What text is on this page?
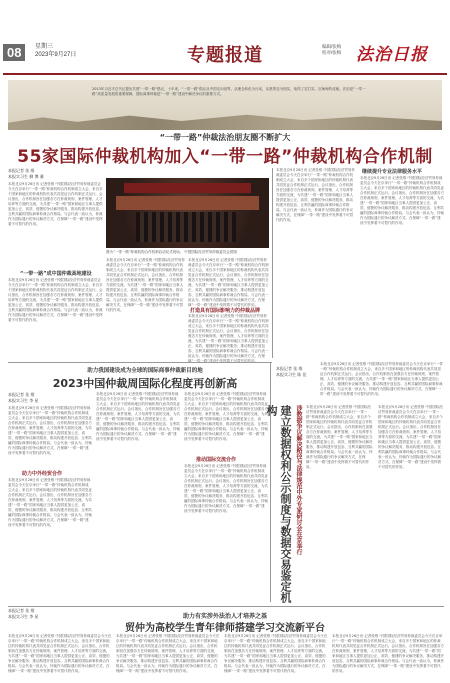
08	星期三
2023年9月27日	专题报道	编辑/张梅
校对/张梅 法治日报
2013年习近平总书记提出共建“一带一路”倡议，十年来，“一带一路”倡议从中国走向世界，从理念转化为行动，从愿景变为现实，取得了实打实、沉甸甸的成就。法治是“一带一路”高质量发展的重要保障，国际商事仲裁是“一带一路”建设中解决争议的重要方式。
“一带一路”仲裁法治朋友圈不断扩大
55家国际仲裁机构加入“一带一路”仲裁机构合作机制
本报记者 张 维
本报实习生 柳 博 雅
本报北京9月26日讯 记者张维 中国国际经济贸易仲裁委员会今天在京举行“一带一路”仲裁机构合作机制成立大会，来自多个国家和地区的仲裁机构代表共同见证合作机制正式运行。会议指出，合作机制旨在加强各方在仲裁规则、案件管理、人才培养等方面的交流，为共建“一带一路”国家和地区当事人提供更加公正、高效、便捷的争议解决服务，推动构建开放包容、互利共赢的国际商事仲裁合作格局。与会代表一致认为，仲裁作为国际通行的争议解决方式，在保障“一带一路”建设中发挥着不可替代的作用。
“一带一路”成中国仲裁高地建设
本报北京9月26日讯 记者张维 中国国际经济贸易仲裁委员会今天在京举行“一带一路”仲裁机构合作机制成立大会，来自多个国家和地区的仲裁机构代表共同见证合作机制正式运行。会议指出，合作机制旨在加强各方在仲裁规则、案件管理、人才培养等方面的交流，为共建“一带一路”国家和地区当事人提供更加公正、高效、便捷的争议解决服务，推动构建开放包容、互利共赢的国际商事仲裁合作格局。与会代表一致认为，仲裁作为国际通行的争议解决方式，在保障“一带一路”建设中发挥着不可替代的作用。
图为“一带一路”仲裁机构合作机制启动仪式现场。 中国国际经济贸易仲裁委员会供图
本报北京9月26日讯 记者张维 中国国际经济贸易仲裁委员会今天在京举行“一带一路”仲裁机构合作机制成立大会，来自多个国家和地区的仲裁机构代表共同见证合作机制正式运行。会议指出，合作机制旨在加强各方在仲裁规则、案件管理、人才培养等方面的交流，为共建“一带一路”国家和地区当事人提供更加公正、高效、便捷的争议解决服务，推动构建开放包容、互利共赢的国际商事仲裁合作格局。与会代表一致认为，仲裁作为国际通行的争议解决方式，在保障“一带一路”建设中发挥着不可替代的作用。	打造具有国际影响力的仲裁品牌
本报北京9月26日讯 记者张维 中国国际经济贸易仲裁委员会今天在京举行“一带一路”仲裁机构合作机制成立大会，来自多个国家和地区的仲裁机构代表共同见证合作机制正式运行。会议指出，合作机制旨在加强各方在仲裁规则、案件管理、人才培养等方面的交流，为共建“一带一路”国家和地区当事人提供更加公正、高效、便捷的争议解决服务，推动构建开放包容、互利共赢的国际商事仲裁合作格局。与会代表一致认为，仲裁作为国际通行的争议解决方式，在保障“一带一路”建设中发挥着不可替代的作用。
本报北京9月26日讯 记者张维 中国国际经济贸易仲裁委员会今天在京举行“一带一路”仲裁机构合作机制成立大会，来自多个国家和地区的仲裁机构代表共同见证合作机制正式运行。会议指出，合作机制旨在加强各方在仲裁规则、案件管理、人才培养等方面的交流，为共建“一带一路”国家和地区当事人提供更加公正、高效、便捷的争议解决服务，推动构建开放包容、互利共赢的国际商事仲裁合作格局。与会代表一致认为，仲裁作为国际通行的争议解决方式，在保障“一带一路”建设中发挥着不可替代的作用。
本报北京9月26日讯 记者张维 中国国际经济贸易仲裁委员会今天在京举行“一带一路”仲裁机构合作机制成立大会，来自多个国家和地区的仲裁机构代表共同见证合作机制正式运行。会议指出，合作机制旨在加强各方在仲裁规则、案件管理、人才培养等方面的交流，为共建“一带一路”国家和地区当事人提供更加公正、高效、便捷的争议解决服务，推动构建开放包容、互利共赢的国际商事仲裁合作格局。与会代表一致认为，仲裁作为国际通行的争议解决方式，在保障“一带一路”建设中发挥着不可替代的作用。
继续提升专业法律服务水平
本报北京9月26日讯 记者张维 中国国际经济贸易仲裁委员会今天在京举行“一带一路”仲裁机构合作机制成立大会，来自多个国家和地区的仲裁机构代表共同见证合作机制正式运行。会议指出，合作机制旨在加强各方在仲裁规则、案件管理、人才培养等方面的交流，为共建“一带一路”国家和地区当事人提供更加公正、高效、便捷的争议解决服务，推动构建开放包容、互利共赢的国际商事仲裁合作格局。与会代表一致认为，仲裁作为国际通行的争议解决方式，在保障“一带一路”建设中发挥着不可替代的作用。
助力我国建设成为全球的国际商事仲裁新目的地
2023中国仲裁周国际化程度再创新高
本报记者 张 维
本报实习生 李 星
本报北京9月26日讯 记者张维 中国国际经济贸易仲裁委员会今天在京举行“一带一路”仲裁机构合作机制成立大会，来自多个国家和地区的仲裁机构代表共同见证合作机制正式运行。会议指出，合作机制旨在加强各方在仲裁规则、案件管理、人才培养等方面的交流，为共建“一带一路”国家和地区当事人提供更加公正、高效、便捷的争议解决服务，推动构建开放包容、互利共赢的国际商事仲裁合作格局。与会代表一致认为，仲裁作为国际通行的争议解决方式，在保障“一带一路”建设中发挥着不可替代的作用。
助力中外经贸合作
本报北京9月26日讯 记者张维 中国国际经济贸易仲裁委员会今天在京举行“一带一路”仲裁机构合作机制成立大会，来自多个国家和地区的仲裁机构代表共同见证合作机制正式运行。会议指出，合作机制旨在加强各方在仲裁规则、案件管理、人才培养等方面的交流，为共建“一带一路”国家和地区当事人提供更加公正、高效、便捷的争议解决服务，推动构建开放包容、互利共赢的国际商事仲裁合作格局。与会代表一致认为，仲裁作为国际通行的争议解决方式，在保障“一带一路”建设中发挥着不可替代的作用。
本报北京9月26日讯 记者张维 中国国际经济贸易仲裁委员会今天在京举行“一带一路”仲裁机构合作机制成立大会，来自多个国家和地区的仲裁机构代表共同见证合作机制正式运行。会议指出，合作机制旨在加强各方在仲裁规则、案件管理、人才培养等方面的交流，为共建“一带一路”国家和地区当事人提供更加公正、高效、便捷的争议解决服务，推动构建开放包容、互利共赢的国际商事仲裁合作格局。与会代表一致认为，仲裁作为国际通行的争议解决方式，在保障“一带一路”建设中发挥着不可替代的作用。
本报北京9月26日讯 记者张维 中国国际经济贸易仲裁委员会今天在京举行“一带一路”仲裁机构合作机制成立大会，来自多个国家和地区的仲裁机构代表共同见证合作机制正式运行。会议指出，合作机制旨在加强各方在仲裁规则、案件管理、人才培养等方面的交流，为共建“一带一路”国家和地区当事人提供更加公正、高效、便捷的争议解决服务，推动构建开放包容、互利共赢的国际商事仲裁合作格局。与会代表一致认为，仲裁作为国际通行的争议解决方式，在保障“一带一路”建设中发挥着不可替代的作用。
推动国际交流合作
本报北京9月26日讯 记者张维 中国国际经济贸易仲裁委员会今天在京举行“一带一路”仲裁机构合作机制成立大会，来自多个国家和地区的仲裁机构代表共同见证合作机制正式运行。会议指出，合作机制旨在加强各方在仲裁规则、案件管理、人才培养等方面的交流，为共建“一带一路”国家和地区当事人提供更加公正、高效、便捷的争议解决服务，推动构建开放包容、互利共赢的国际商事仲裁合作格局。与会代表一致认为，仲裁作为国际通行的争议解决方式，在保障“一带一路”建设中发挥着不可替代的作用。
本报记者 张 维
本报实习生 陈 佳
本报北京9月26日讯 记者张维 中国国际经济贸易仲裁委员会今天在京举行“一带一路”仲裁机构合作机制成立大会，来自多个国家和地区的仲裁机构代表共同见证合作机制正式运行。会议指出，合作机制旨在加强各方在仲裁规则、案件管理、人才培养等方面的交流，为共建“一带一路”国家和地区当事人提供更加公正、高效、便捷的争议解决服务，推动构建开放包容、互利共赢的国际商事仲裁合作格局。与会代表一致认为，仲裁作为国际通行的争议解决方式，在保障“一带一路”建设中发挥着不可替代的作用。
建立数据权利公示制度与数据交易鉴定机构	涉数据争议解决路径与法律规范中外专家研讨会在京举行 本报北京9月26日讯 记者张维 中国国际经济贸易仲裁委员会今天在京举行“一带一路”仲裁机构合作机制成立大会，来自多个国家和地区的仲裁机构代表共同见证合作机制正式运行。会议指出，合作机制旨在加强各方在仲裁规则、案件管理、人才培养等方面的交流，为共建“一带一路”国家和地区当事人提供更加公正、高效、便捷的争议解决服务，推动构建开放包容、互利共赢的国际商事仲裁合作格局。与会代表一致认为，仲裁作为国际通行的争议解决方式，在保障“一带一路”建设中发挥着不可替代的作用。
本报北京9月26日讯 记者张维 中国国际经济贸易仲裁委员会今天在京举行“一带一路”仲裁机构合作机制成立大会，来自多个国家和地区的仲裁机构代表共同见证合作机制正式运行。会议指出，合作机制旨在加强各方在仲裁规则、案件管理、人才培养等方面的交流，为共建“一带一路”国家和地区当事人提供更加公正、高效、便捷的争议解决服务，推动构建开放包容、互利共赢的国际商事仲裁合作格局。与会代表一致认为，仲裁作为国际通行的争议解决方式，在保障“一带一路”建设中发挥着不可替代的作用。
助力有实涉外法治人才培养之基
贸仲为高校学生青年律师搭建学习交流新平台
本报记者 张 维
本报实习生 李 星
本报北京9月26日讯 记者张维 中国国际经济贸易仲裁委员会今天在京举行“一带一路”仲裁机构合作机制成立大会，来自多个国家和地区的仲裁机构代表共同见证合作机制正式运行。会议指出，合作机制旨在加强各方在仲裁规则、案件管理、人才培养等方面的交流，为共建“一带一路”国家和地区当事人提供更加公正、高效、便捷的争议解决服务，推动构建开放包容、互利共赢的国际商事仲裁合作格局。与会代表一致认为，仲裁作为国际通行的争议解决方式，在保障“一带一路”建设中发挥着不可替代的作用。
本报北京9月26日讯 记者张维 中国国际经济贸易仲裁委员会今天在京举行“一带一路”仲裁机构合作机制成立大会，来自多个国家和地区的仲裁机构代表共同见证合作机制正式运行。会议指出，合作机制旨在加强各方在仲裁规则、案件管理、人才培养等方面的交流，为共建“一带一路”国家和地区当事人提供更加公正、高效、便捷的争议解决服务，推动构建开放包容、互利共赢的国际商事仲裁合作格局。与会代表一致认为，仲裁作为国际通行的争议解决方式，在保障“一带一路”建设中发挥着不可替代的作用。
本报北京9月26日讯 记者张维 中国国际经济贸易仲裁委员会今天在京举行“一带一路”仲裁机构合作机制成立大会，来自多个国家和地区的仲裁机构代表共同见证合作机制正式运行。会议指出，合作机制旨在加强各方在仲裁规则、案件管理、人才培养等方面的交流，为共建“一带一路”国家和地区当事人提供更加公正、高效、便捷的争议解决服务，推动构建开放包容、互利共赢的国际商事仲裁合作格局。与会代表一致认为，仲裁作为国际通行的争议解决方式，在保障“一带一路”建设中发挥着不可替代的作用。
本报北京9月26日讯 记者张维 中国国际经济贸易仲裁委员会今天在京举行“一带一路”仲裁机构合作机制成立大会，来自多个国家和地区的仲裁机构代表共同见证合作机制正式运行。会议指出，合作机制旨在加强各方在仲裁规则、案件管理、人才培养等方面的交流，为共建“一带一路”国家和地区当事人提供更加公正、高效、便捷的争议解决服务，推动构建开放包容、互利共赢的国际商事仲裁合作格局。与会代表一致认为，仲裁作为国际通行的争议解决方式，在保障“一带一路”建设中发挥着不可替代的作用。
